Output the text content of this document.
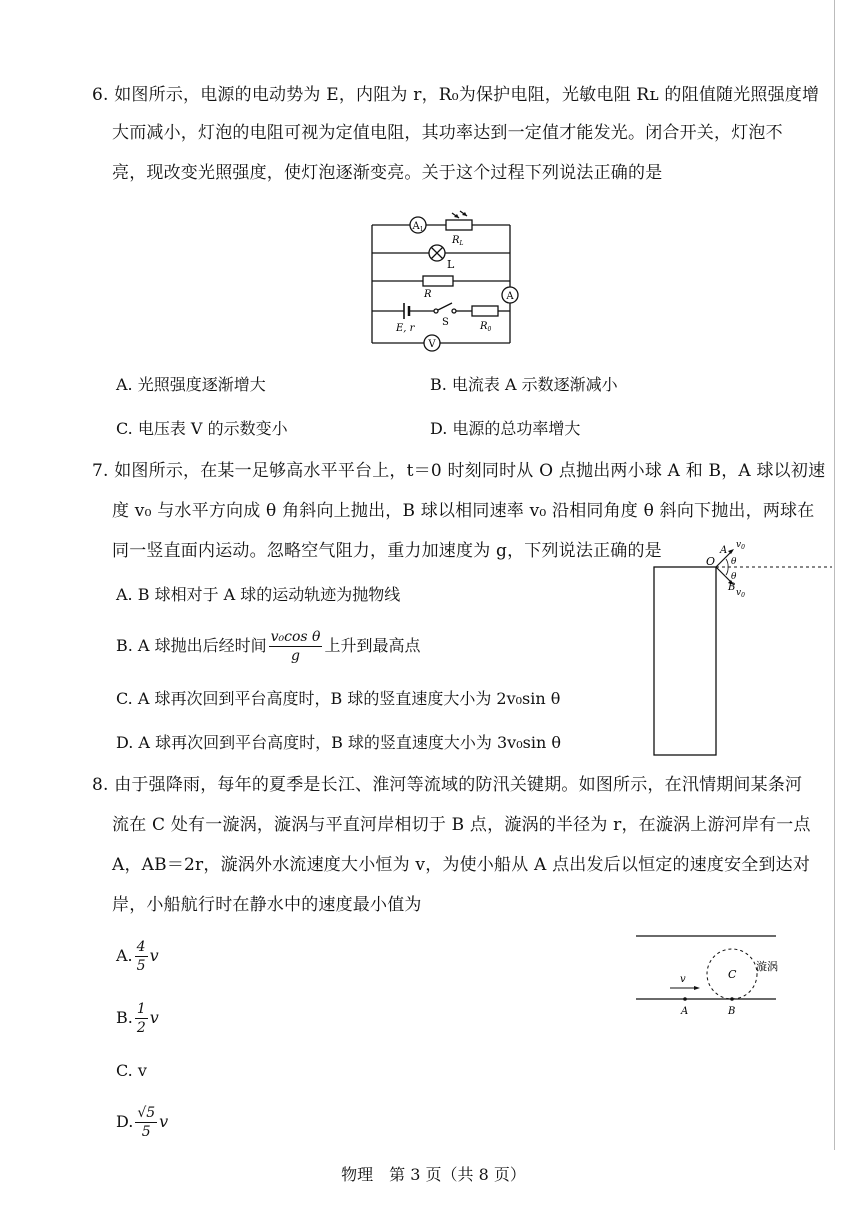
6. 如图所示，电源的电动势为 E，内阻为 r，R₀为保护电阻，光敏电阻 Rʟ 的阻值随光照强度增
大而减小，灯泡的电阻可视为定值电阻，其功率达到一定值才能发光。闭合开关，灯泡不
亮，现改变光照强度，使灯泡逐渐变亮。关于这个过程下列说法正确的是
$A_1$
$R_L$
L
R	A
E, r
S	$R_0$
V
A. 光照强度逐渐增大	B. 电流表 A 示数逐渐减小
C. 电压表 V 的示数变小	D. 电源的总功率增大
7. 如图所示，在某一足够高水平平台上，t＝0 时刻同时从 O 点抛出两小球 A 和 B，A 球以初速
度 v₀ 与水平方向成 θ 角斜向上抛出，B 球以相同速率 v₀ 沿相同角度 θ 斜向下抛出，两球在
同一竖直面内运动。忽略空气阻力，重力加速度为 g，下列说法正确的是
A. B 球相对于 A 球的运动轨迹为抛物线
B. A 球抛出后经时间 $\frac{\text{v₀cos θ}}{g}$ 上升到最高点
C. A 球再次回到平台高度时，B 球的竖直速度大小为 2v₀sin θ
D. A 球再次回到平台高度时，B 球的竖直速度大小为 3v₀sin θ
O
A
B
$v_0$
$v_0$
θ
θ
8. 由于强降雨，每年的夏季是长江、淮河等流域的防汛关键期。如图所示，在汛情期间某条河
流在 C 处有一漩涡，漩涡与平直河岸相切于 B 点，漩涡的半径为 r，在漩涡上游河岸有一点
A，AB＝2r，漩涡外水流速度大小恒为 v，为使小船从 A 点出发后以恒定的速度安全到达对
岸，小船航行时在静水中的速度最小值为
A. $\frac{4}{5}$ v
B. $\frac{1}{2}$ v
C. v
D. $\frac{√5}{5}$ v
v	C
漩涡
A	B
物理　第 3 页（共 8 页）
